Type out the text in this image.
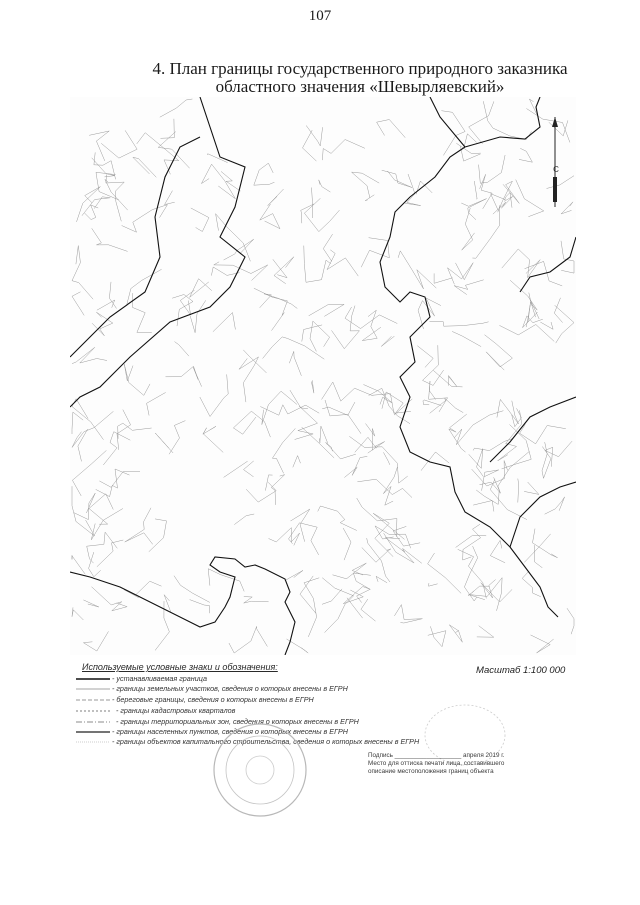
107
4. План границы государственного природного заказника
областного значения «Шевырляевский»
С
Используемые условные знаки и обозначения:	Масштаб 1:100 000
- устанавливаемая граница
- границы земельных участков, сведения о которых внесены в ЕГРН
- береговые границы, сведения о которых внесены в ЕГРН
- границы кадастровых кварталов
- границы территориальных зон, сведения о которых внесены в ЕГРН
- границы населенных пунктов, сведения о которых внесены в ЕГРН
- границы объектов капитального строительства, сведения о которых внесены в ЕГРН
Подпись ___________________ апреля 2019 г.
Место для оттиска печати лица, составившего
описание местоположения границ объекта
